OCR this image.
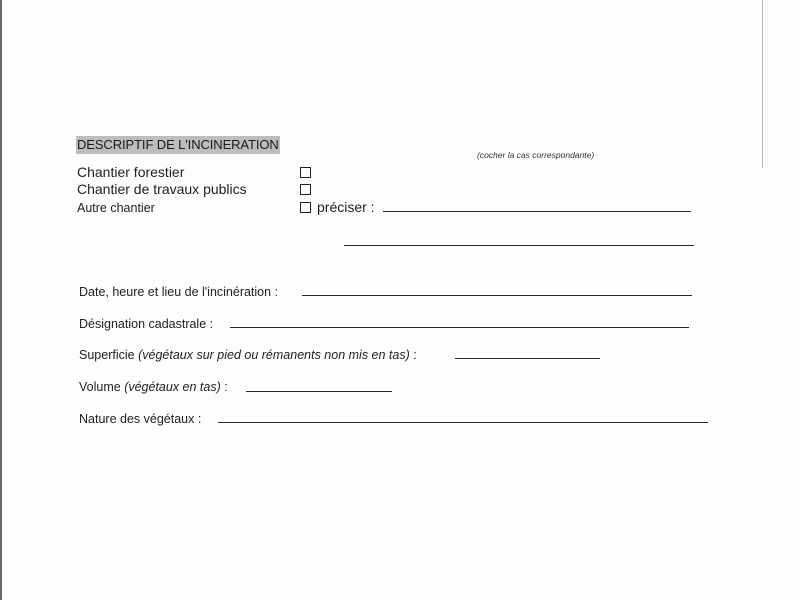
DESCRIPTIF DE L'INCINERATION
(cocher la cas correspondante)
Chantier forestier
Chantier de travaux publics
Autre chantier	préciser :
Date, heure et lieu de l'incinération :
Désignation cadastrale :
Superficie (végétaux sur pied ou rémanents non mis en tas) :
Volume (végétaux en tas) :
Nature des végétaux :
